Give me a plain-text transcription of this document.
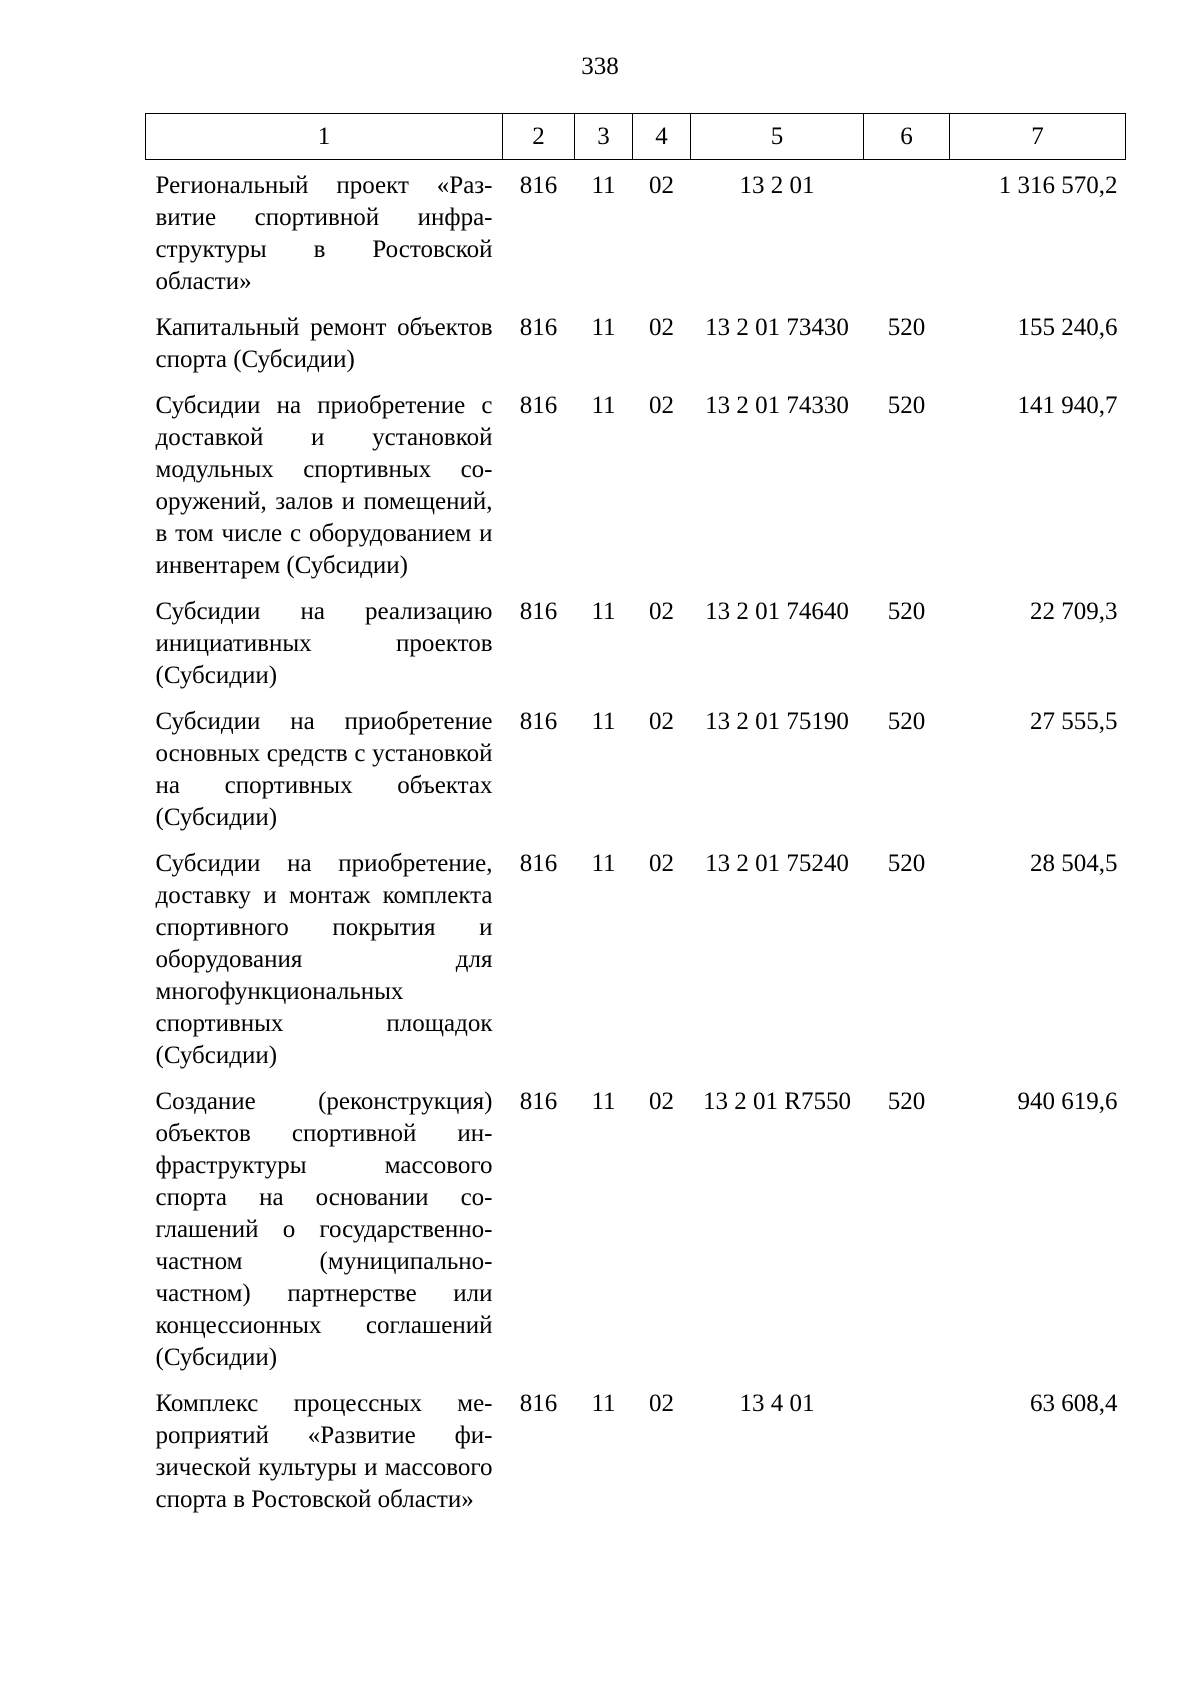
338
1	2	3	4	5	6	7
Региональный проект «Развитие спортивной инфраструктуры в Ростовской области»	816	11	02	13 2 01		1 316 570,2
Капитальный ремонт объектов спорта (Субсидии)	816	11	02	13 2 01 73430	520	155 240,6
Субсидии на приобретение с доставкой и установкой модульных спортивных сооружений, залов и помещений, в том числе с оборудованием и инвентарем (Субсидии)	816	11	02	13 2 01 74330	520	141 940,7
Субсидии на реализацию инициативных проектов (Субсидии)	816	11	02	13 2 01 74640	520	22 709,3
Субсидии на приобретение основных средств с установкой на спортивных объектах (Субсидии)	816	11	02	13 2 01 75190	520	27 555,5
Субсидии на приобретение, доставку и монтаж комплекта спортивного покрытия и оборудования для многофункциональных спортивных площадок (Субсидии)	816	11	02	13 2 01 75240	520	28 504,5
Создание (реконструкция) объектов спортивной инфраструктуры массового спорта на основании соглашений о государственно-частном (муниципально-частном) партнерстве или концессионных соглашений (Субсидии)	816	11	02	13 2 01 R7550	520	940 619,6
Комплекс процессных мероприятий «Развитие физической культуры и массового спорта в Ростовской области»	816	11	02	13 4 01		63 608,4
